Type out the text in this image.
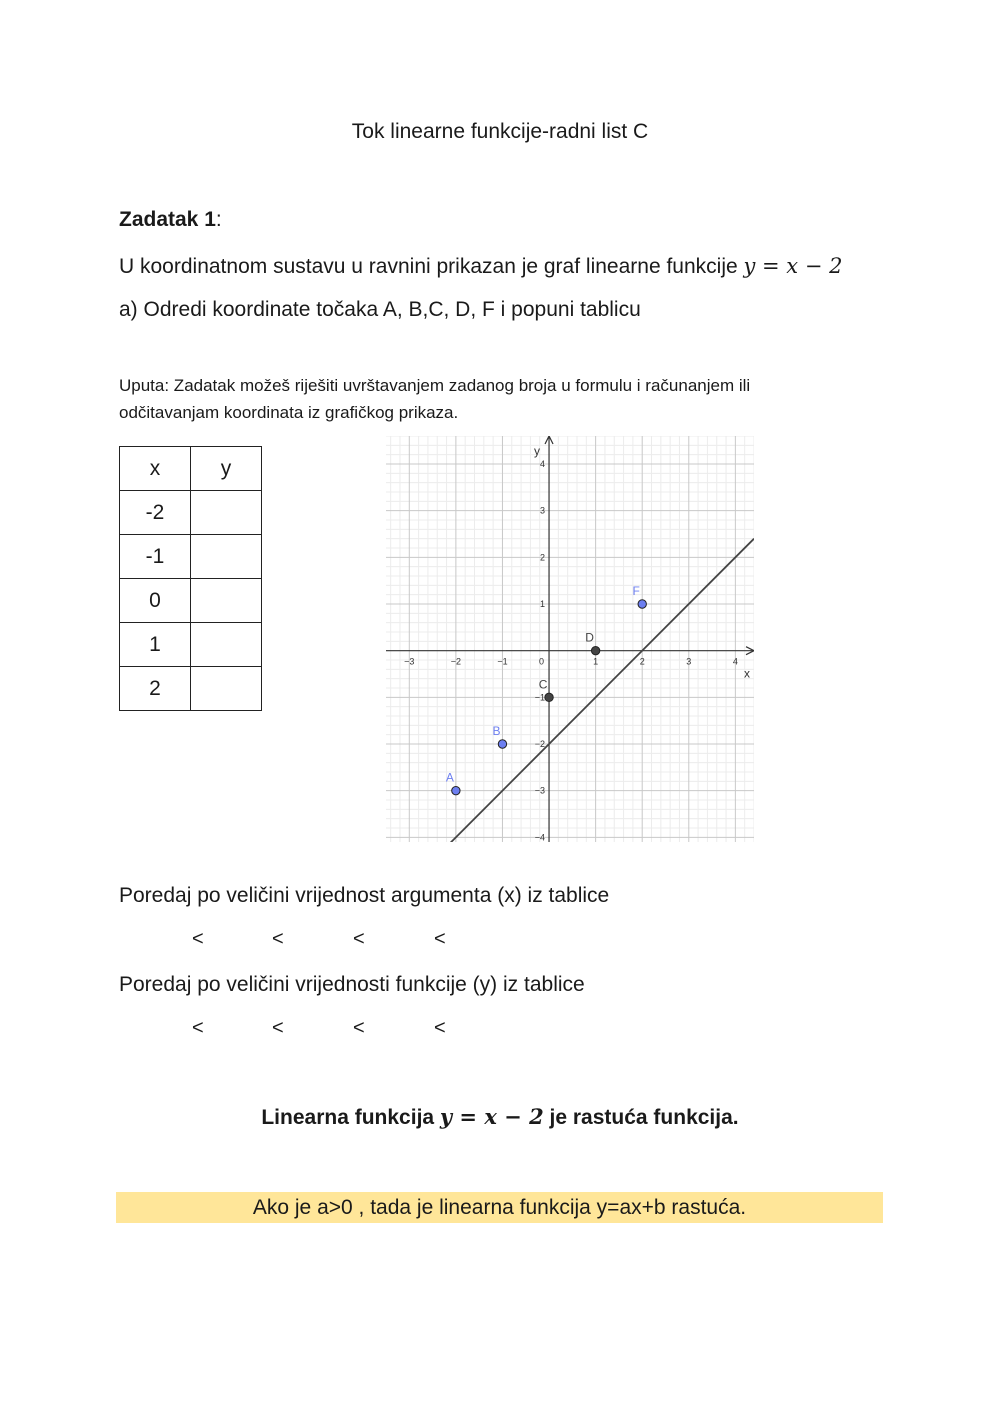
Tok linearne funkcije-radni list C
Zadatak 1:
U koordinatnom sustavu u ravnini prikazan je graf linearne funkcije y = x − 2
a) Odredi koordinate točaka A, B,C, D, F i popuni tablicu
Uputa: Zadatak možeš riješiti uvrštavanjem zadanog broja u formulu i računanjem ili
odčitavanjam koordinata iz grafičkog prikaza.
x	y
-2	
-1	
0	
1	
2	
−3	−2	−1	1	2	3	4
−4
−3
−2
−1
1
2
3
4
0
x
y
A
B
C
D
F
Poredaj po veličini vrijednost argumenta (x) iz tablice
<	<	<	<
Poredaj po veličini vrijednosti funkcije (y) iz tablice
<	<	<	<
Linearna funkcija y = x − 2 je rastuća funkcija.
Ako je a>0 , tada je linearna funkcija y=ax+b rastuća.
